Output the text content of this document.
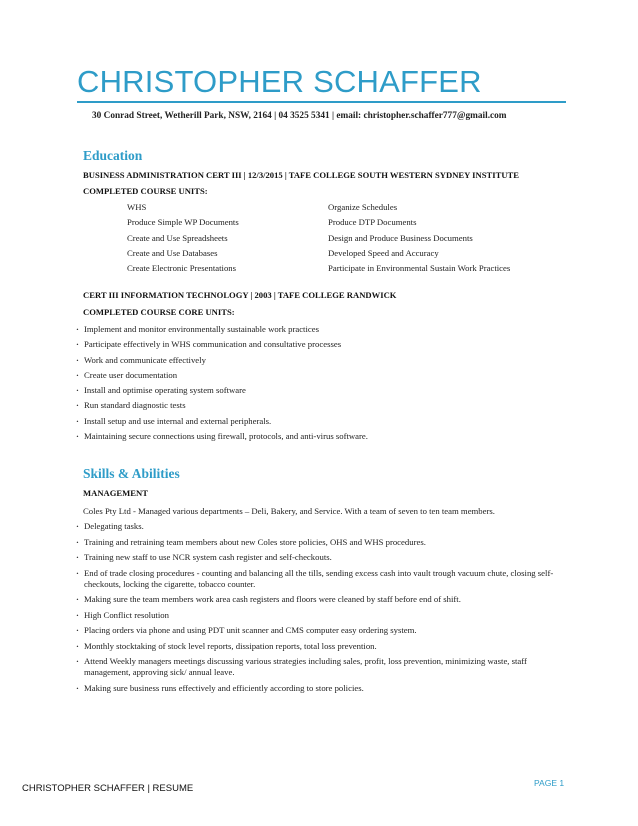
CHRISTOPHER SCHAFFER
30 Conrad Street, Wetherill Park, NSW, 2164 | 04 3525 5341 | email: christopher.schaffer777@gmail.com
Education
BUSINESS ADMINISTRATION CERT III | 12/3/2015 | TAFE COLLEGE SOUTH WESTERN SYDNEY INSTITUTE
COMPLETED COURSE UNITS:
WHS	Organize Schedules
Produce Simple WP Documents	Produce DTP Documents
Create and Use Spreadsheets	Design and Produce Business Documents
Create and Use Databases	Developed Speed and Accuracy
Create Electronic Presentations	Participate in Environmental Sustain Work Practices
CERT III INFORMATION TECHNOLOGY | 2003 | TAFE COLLEGE RANDWICK
COMPLETED COURSE CORE UNITS:
· Implement and monitor environmentally sustainable work practices
· Participate effectively in WHS communication and consultative processes
· Work and communicate effectively
· Create user documentation
· Install and optimise operating system software
· Run standard diagnostic tests
· Install setup and use internal and external peripherals.
· Maintaining secure connections using firewall, protocols, and anti-virus software.
Skills & Abilities
MANAGEMENT
Coles Pty Ltd - Managed various departments – Deli, Bakery, and Service. With a team of seven to ten team members.
· Delegating tasks.
· Training and retraining team members about new Coles store policies, OHS and WHS procedures.
· Training new staff to use NCR system cash register and self-checkouts.
· End of trade closing procedures - counting and balancing all the tills, sending excess cash into vault trough vacuum chute, closing self-checkouts, locking the cigarette, tobacco counter.
· Making sure the team members work area cash registers and floors were cleaned by staff before end of shift.
· High Conflict resolution
· Placing orders via phone and using PDT unit scanner and CMS computer easy ordering system.
· Monthly stocktaking of stock level reports, dissipation reports, total loss prevention.
· Attend Weekly managers meetings discussing various strategies including sales, profit, loss prevention, minimizing waste, staff management, approving sick/ annual leave.
· Making sure business runs effectively and efficiently according to store policies.
CHRISTOPHER SCHAFFER | RESUME	PAGE 1
